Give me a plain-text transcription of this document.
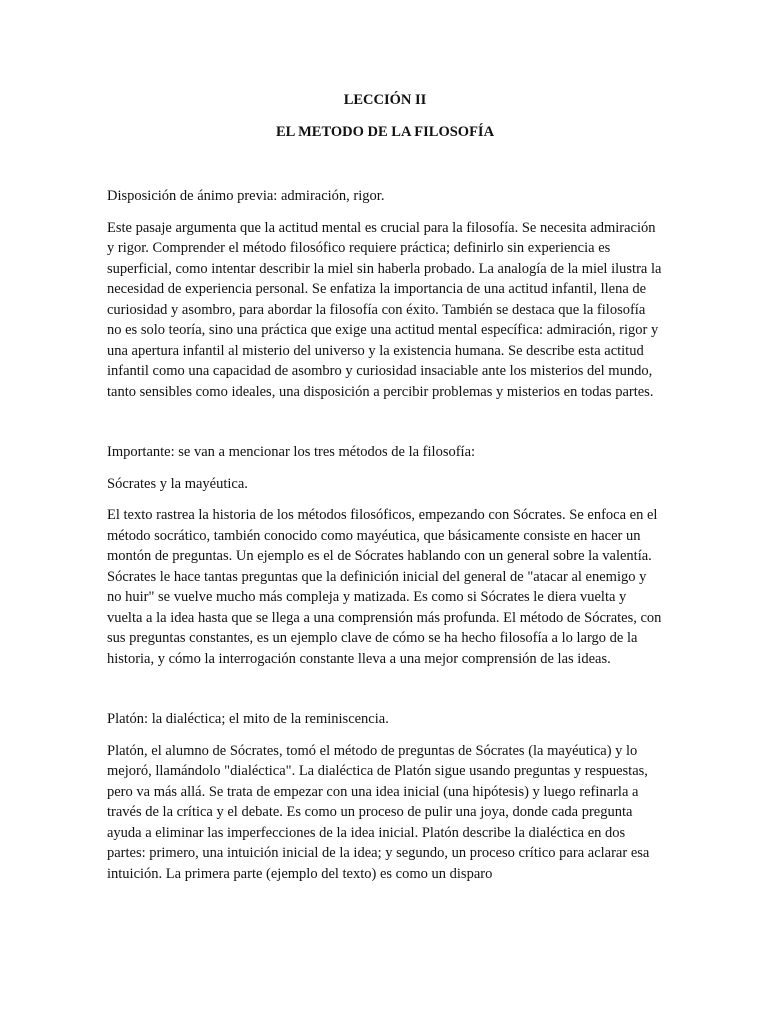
LECCIÓN II
EL METODO DE LA FILOSOFÍA

Disposición de ánimo previa: admiración, rigor.

Este pasaje argumenta que la actitud mental es crucial para la filosofía. Se necesita admiración y rigor. Comprender el método filosófico requiere práctica; definirlo sin experiencia es superficial, como intentar describir la miel sin haberla probado. La analogía de la miel ilustra la necesidad de experiencia personal. Se enfatiza la importancia de una actitud infantil, llena de curiosidad y asombro, para abordar la filosofía con éxito. También se destaca que la filosofía no es solo teoría, sino una práctica que exige una actitud mental específica: admiración, rigor y una apertura infantil al misterio del universo y la existencia humana. Se describe esta actitud infantil como una capacidad de asombro y curiosidad insaciable ante los misterios del mundo, tanto sensibles como ideales, una disposición a percibir problemas y misterios en todas partes.

Importante: se van a mencionar los tres métodos de la filosofía:

Sócrates y la mayéutica.

El texto rastrea la historia de los métodos filosóficos, empezando con Sócrates. Se enfoca en el método socrático, también conocido como mayéutica, que básicamente consiste en hacer un montón de preguntas. Un ejemplo es el de Sócrates hablando con un general sobre la valentía. Sócrates le hace tantas preguntas que la definición inicial del general de "atacar al enemigo y no huir" se vuelve mucho más compleja y matizada. Es como si Sócrates le diera vuelta y vuelta a la idea hasta que se llega a una comprensión más profunda. El método de Sócrates, con sus preguntas constantes, es un ejemplo clave de cómo se ha hecho filosofía a lo largo de la historia, y cómo la interrogación constante lleva a una mejor comprensión de las ideas.

Platón: la dialéctica; el mito de la reminiscencia.

Platón, el alumno de Sócrates, tomó el método de preguntas de Sócrates (la mayéutica) y lo mejoró, llamándolo "dialéctica". La dialéctica de Platón sigue usando preguntas y respuestas, pero va más allá. Se trata de empezar con una idea inicial (una hipótesis) y luego refinarla a través de la crítica y el debate. Es como un proceso de pulir una joya, donde cada pregunta ayuda a eliminar las imperfecciones de la idea inicial. Platón describe la dialéctica en dos partes: primero, una intuición inicial de la idea; y segundo, un proceso crítico para aclarar esa intuición. La primera parte (ejemplo del texto) es como un disparo
